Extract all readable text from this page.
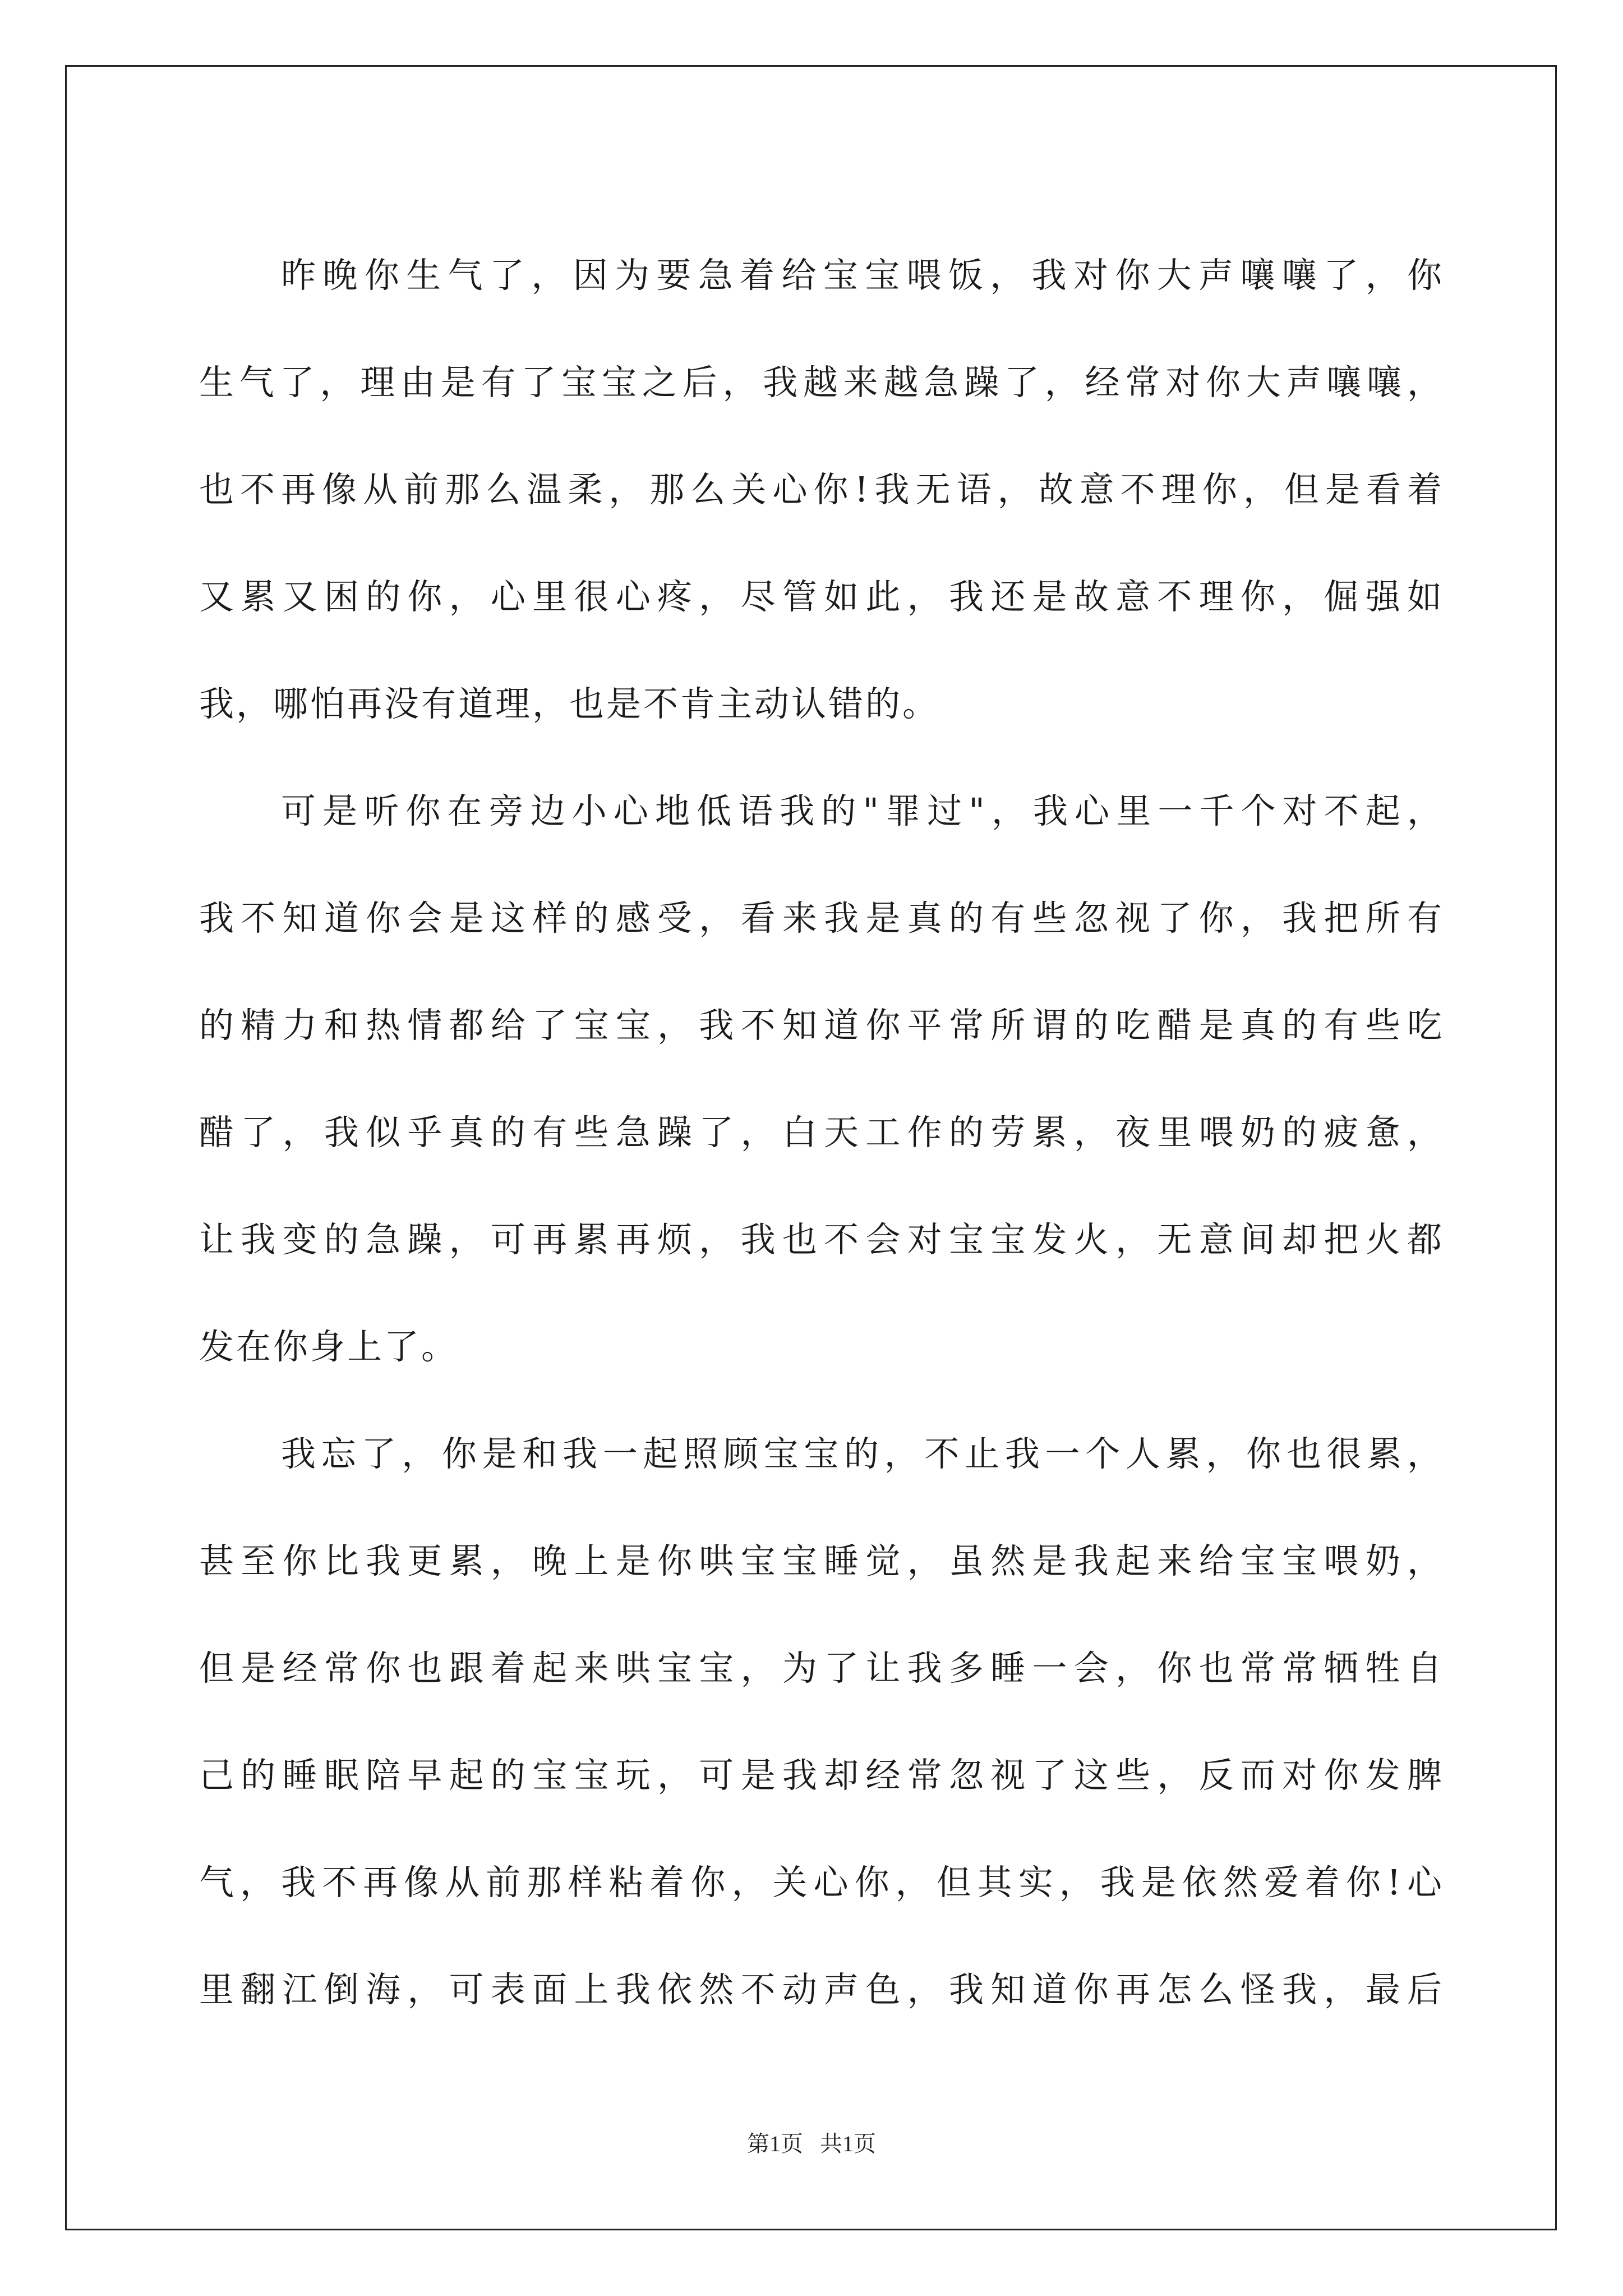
昨晚你生气了，因为要急着给宝宝喂饭，我对你大声嚷嚷了，你
生气了，理由是有了宝宝之后，我越来越急躁了，经常对你大声嚷嚷，
也不再像从前那么温柔，那么关心你!我无语，故意不理你，但是看着
又累又困的你，心里很心疼，尽管如此，我还是故意不理你，倔强如
我，哪怕再没有道理，也是不肯主动认错的。
可是听你在旁边小心地低语我的"罪过"，我心里一千个对不起，
我不知道你会是这样的感受，看来我是真的有些忽视了你，我把所有
的精力和热情都给了宝宝，我不知道你平常所谓的吃醋是真的有些吃
醋了，我似乎真的有些急躁了，白天工作的劳累，夜里喂奶的疲惫，
让我变的急躁，可再累再烦，我也不会对宝宝发火，无意间却把火都
发在你身上了。
我忘了，你是和我一起照顾宝宝的，不止我一个人累，你也很累，
甚至你比我更累，晚上是你哄宝宝睡觉，虽然是我起来给宝宝喂奶，
但是经常你也跟着起来哄宝宝，为了让我多睡一会，你也常常牺牲自
己的睡眠陪早起的宝宝玩，可是我却经常忽视了这些，反而对你发脾
气，我不再像从前那样粘着你，关心你，但其实，我是依然爱着你!心
里翻江倒海，可表面上我依然不动声色，我知道你再怎么怪我，最后
第1页   共1页
